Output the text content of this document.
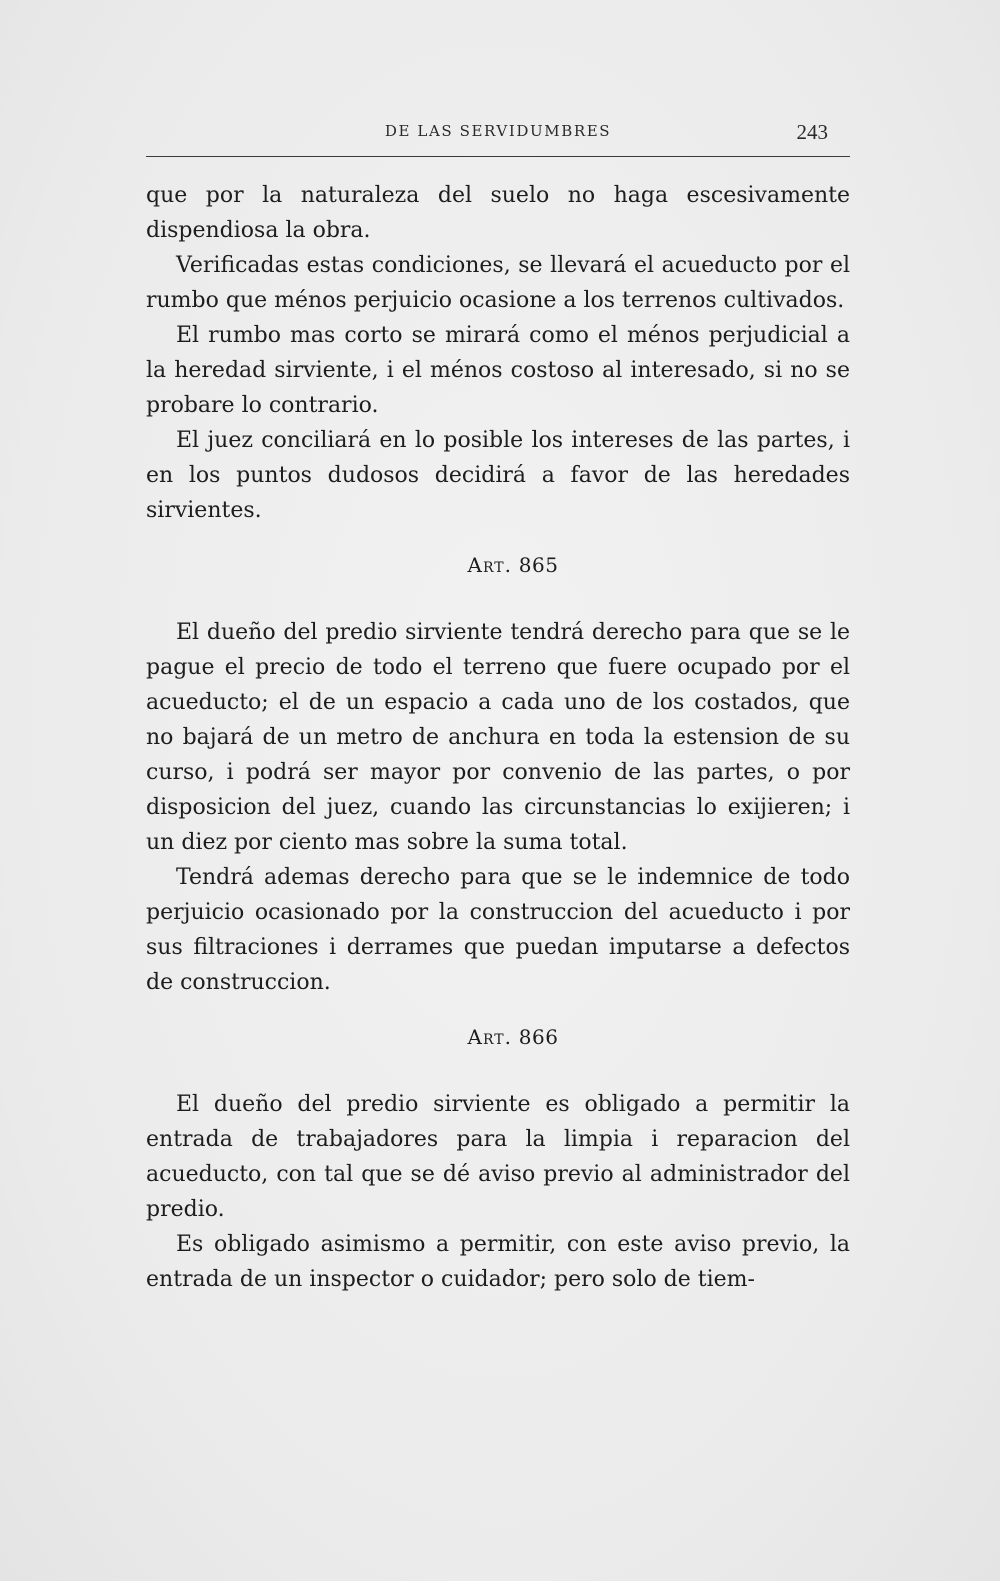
DE LAS SERVIDUMBRES	243

que por la naturaleza del suelo no haga escesivamente dispendiosa la obra.

Verificadas estas condiciones, se llevará el acueducto por el rumbo que ménos perjuicio ocasione a los terrenos cultivados.

El rumbo mas corto se mirará como el ménos perjudicial a la heredad sirviente, i el ménos costoso al interesado, si no se probare lo contrario.

El juez conciliará en lo posible los intereses de las partes, i en los puntos dudosos decidirá a favor de las heredades sirvientes.

Art. 865

El dueño del predio sirviente tendrá derecho para que se le pague el precio de todo el terreno que fuere ocupado por el acueducto; el de un espacio a cada uno de los costados, que no bajará de un metro de anchura en toda la estension de su curso, i podrá ser mayor por convenio de las partes, o por disposicion del juez, cuando las circunstancias lo exijieren; i un diez por ciento mas sobre la suma total.

Tendrá ademas derecho para que se le indemnice de todo perjuicio ocasionado por la construccion del acueducto i por sus filtraciones i derrames que puedan imputarse a defectos de construccion.

Art. 866

El dueño del predio sirviente es obligado a permitir la entrada de trabajadores para la limpia i reparacion del acueducto, con tal que se dé aviso previo al administrador del predio.

Es obligado asimismo a permitir, con este aviso previo, la entrada de un inspector o cuidador; pero solo de tiem-
